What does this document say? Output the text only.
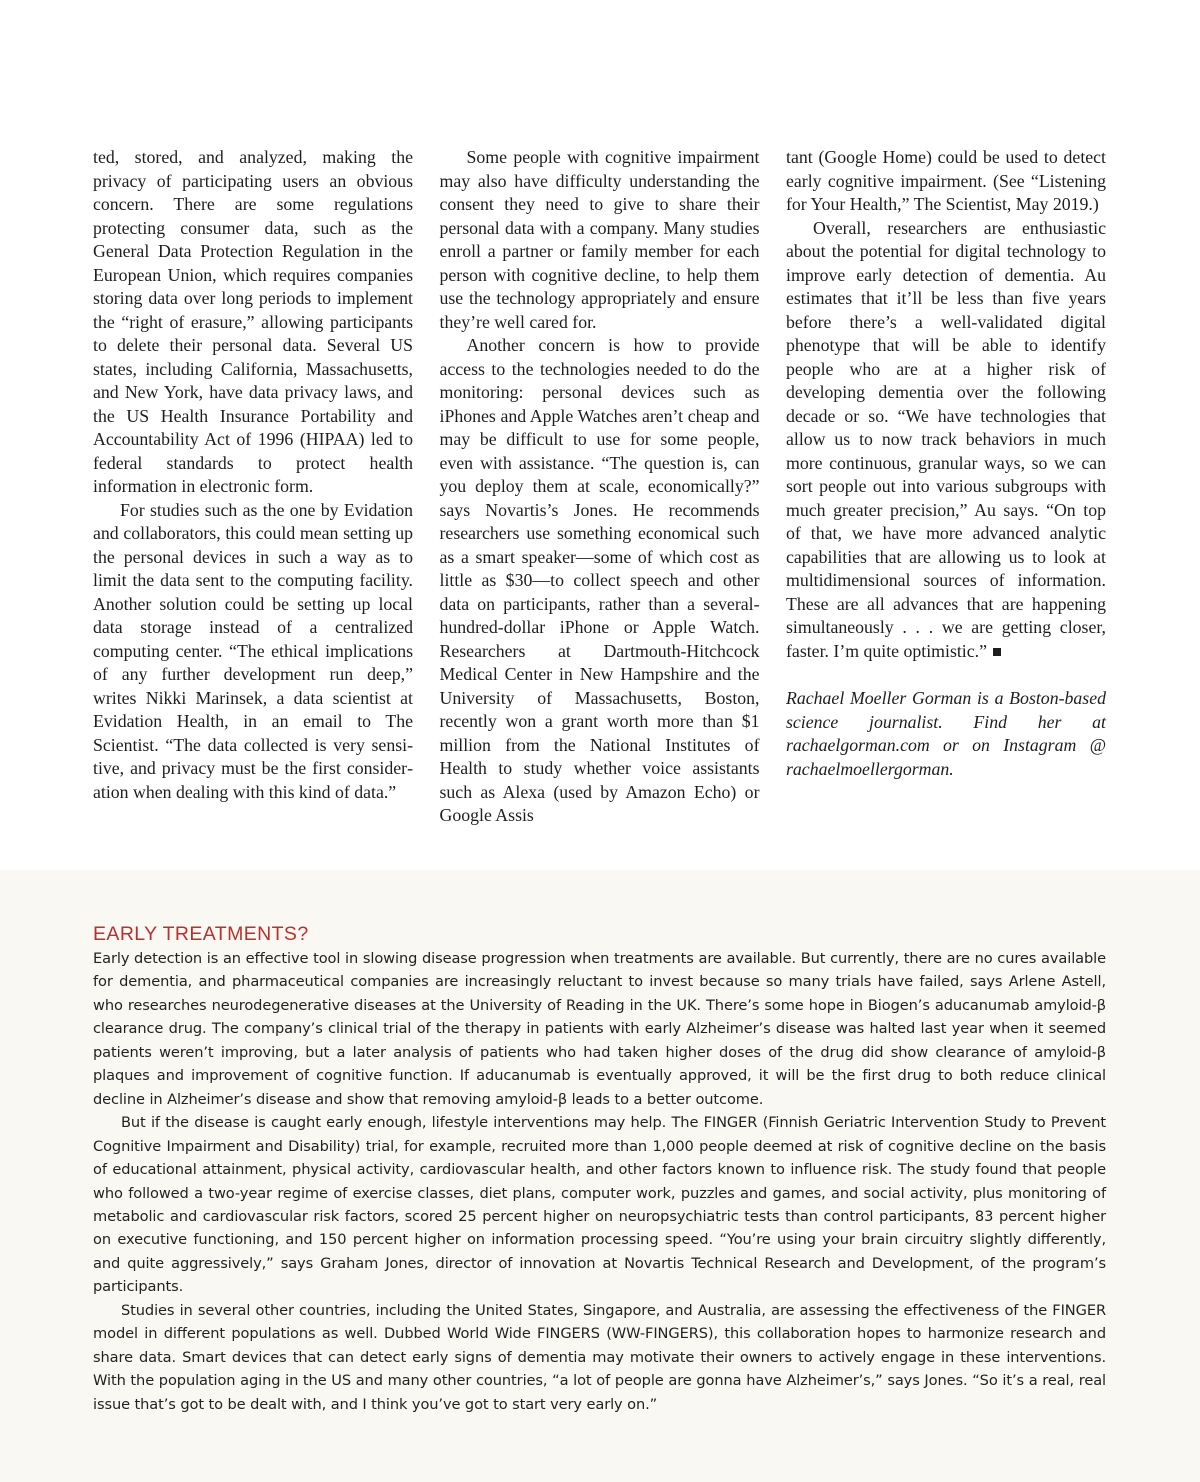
ted, stored, and analyzed, making the privacy of participating users an obvious concern. There are some regulations protecting consumer data, such as the General Data Protection Regulation in the European Union, which requires companies storing data over long periods to implement the “right of erasure,” allowing participants to delete their personal data. Several US states, including California, Massachusetts, and New York, have data privacy laws, and the US Health Insurance Portability and Accountability Act of 1996 (HIPAA) led to federal standards to protect health information in electronic form.

For studies such as the one by Evidation and collaborators, this could mean setting up the personal devices in such a way as to limit the data sent to the computing facility. Another solution could be setting up local data storage instead of a centralized computing center. “The ethical implications of any further development run deep,” writes Nikki Marinsek, a data scientist at Evidation Health, in an email to The Scientist. “The data collected is very sensitive, and privacy must be the first consideration when dealing with this kind of data.”

Some people with cognitive impairment may also have difficulty understanding the consent they need to give to share their personal data with a company. Many studies enroll a partner or family member for each person with cognitive decline, to help them use the technology appropriately and ensure they’re well cared for.

Another concern is how to provide access to the technologies needed to do the monitoring: personal devices such as iPhones and Apple Watches aren’t cheap and may be difficult to use for some people, even with assistance. “The question is, can you deploy them at scale, economically?” says Novartis’s Jones. He recommends researchers use something economical such as a smart speaker—some of which cost as little as $30—to collect speech and other data on participants, rather than a several-hundred-dollar iPhone or Apple Watch. Researchers at Dartmouth-Hitchcock Medical Center in New Hampshire and the University of Massachusetts, Boston, recently won a grant worth more than $1 million from the National Institutes of Health to study whether voice assistants such as Alexa (used by Amazon Echo) or Google Assis

tant (Google Home) could be used to detect early cognitive impairment. (See “Listening for Your Health,” The Scientist, May 2019.)

Overall, researchers are enthusiastic about the potential for digital technology to improve early detection of dementia. Au estimates that it’ll be less than five years before there’s a well-validated digital phenotype that will be able to identify people who are at a higher risk of developing dementia over the following decade or so. “We have technologies that allow us to now track behaviors in much more continuous, granular ways, so we can sort people out into various subgroups with much greater precision,” Au says. “On top of that, we have more advanced analytic capabilities that are allowing us to look at multidimensional sources of information. These are all advances that are happening simultaneously . . . we are getting closer, faster. I’m quite optimistic.”

Rachael Moeller Gorman is a Boston-based science journalist. Find her at rachaelgorman.com or on Instagram @ rachaelmoellergorman.

EARLY TREATMENTS?

Early detection is an effective tool in slowing disease progression when treatments are available. But currently, there are no cures available for dementia, and pharmaceutical companies are increasingly reluctant to invest because so many trials have failed, says Arlene Astell, who researches neurodegenerative diseases at the University of Reading in the UK. There’s some hope in Biogen’s aducanumab amyloid-β clearance drug. The company’s clinical trial of the therapy in patients with early Alzheimer’s disease was halted last year when it seemed patients weren’t improving, but a later analysis of patients who had taken higher doses of the drug did show clearance of amyloid-β plaques and improvement of cognitive function. If aducanumab is eventually approved, it will be the first drug to both reduce clinical decline in Alzheimer’s disease and show that removing amyloid-β leads to a better outcome.

But if the disease is caught early enough, lifestyle interventions may help. The FINGER (Finnish Geriatric Intervention Study to Prevent Cognitive Impairment and Disability) trial, for example, recruited more than 1,000 people deemed at risk of cognitive decline on the basis of educational attainment, physical activity, cardiovascular health, and other factors known to influence risk. The study found that people who followed a two-year regime of exercise classes, diet plans, computer work, puzzles and games, and social activity, plus monitoring of metabolic and cardiovascular risk factors, scored 25 percent higher on neuropsychiatric tests than control participants, 83 percent higher on executive functioning, and 150 percent higher on information processing speed. “You’re using your brain circuitry slightly differently, and quite aggressively,” says Graham Jones, director of innovation at Novartis Technical Research and Development, of the program’s participants.

Studies in several other countries, including the United States, Singapore, and Australia, are assessing the effectiveness of the FINGER model in different populations as well. Dubbed World Wide FINGERS (WW-FINGERS), this collaboration hopes to harmonize research and share data. Smart devices that can detect early signs of dementia may motivate their owners to actively engage in these interventions. With the population aging in the US and many other countries, “a lot of people are gonna have Alzheimer’s,” says Jones. “So it’s a real, real issue that’s got to be dealt with, and I think you’ve got to start very early on.”
